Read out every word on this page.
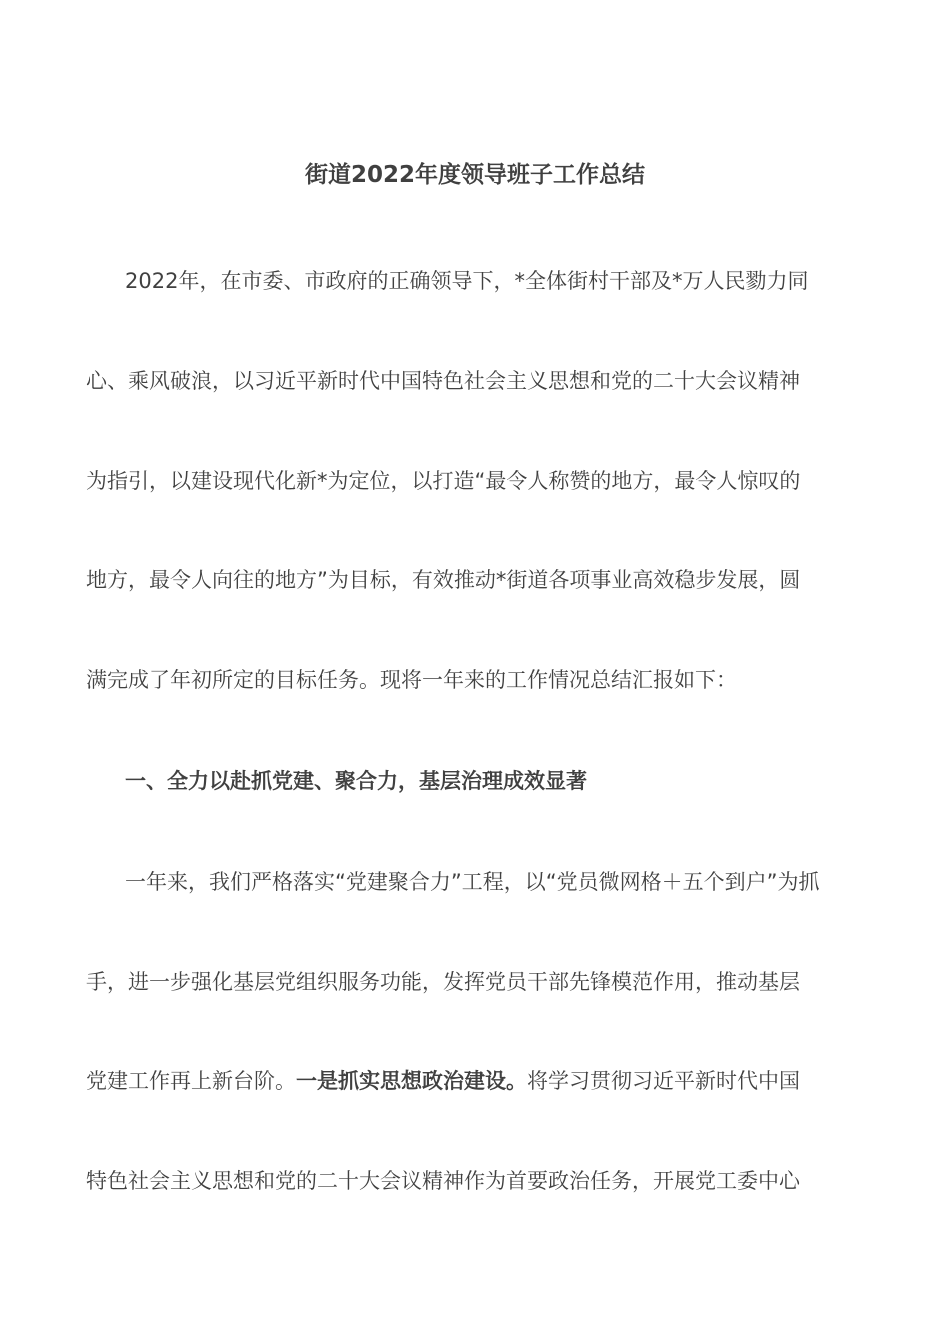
街道2022年度领导班子工作总结

2022年，在市委、市政府的正确领导下，*全体街村干部及*万人民勠力同

心、乘风破浪，以习近平新时代中国特色社会主义思想和党的二十大会议精神

为指引，以建设现代化新*为定位，以打造“最令人称赞的地方，最令人惊叹的

地方，最令人向往的地方”为目标，有效推动*街道各项事业高效稳步发展，圆

满完成了年初所定的目标任务。现将一年来的工作情况总结汇报如下：

一、全力以赴抓党建、聚合力，基层治理成效显著

一年来，我们严格落实“党建聚合力”工程，以“党员微网格＋五个到户”为抓

手，进一步强化基层党组织服务功能，发挥党员干部先锋模范作用，推动基层

党建工作再上新台阶。一是抓实思想政治建设。将学习贯彻习近平新时代中国

特色社会主义思想和党的二十大会议精神作为首要政治任务，开展党工委中心
